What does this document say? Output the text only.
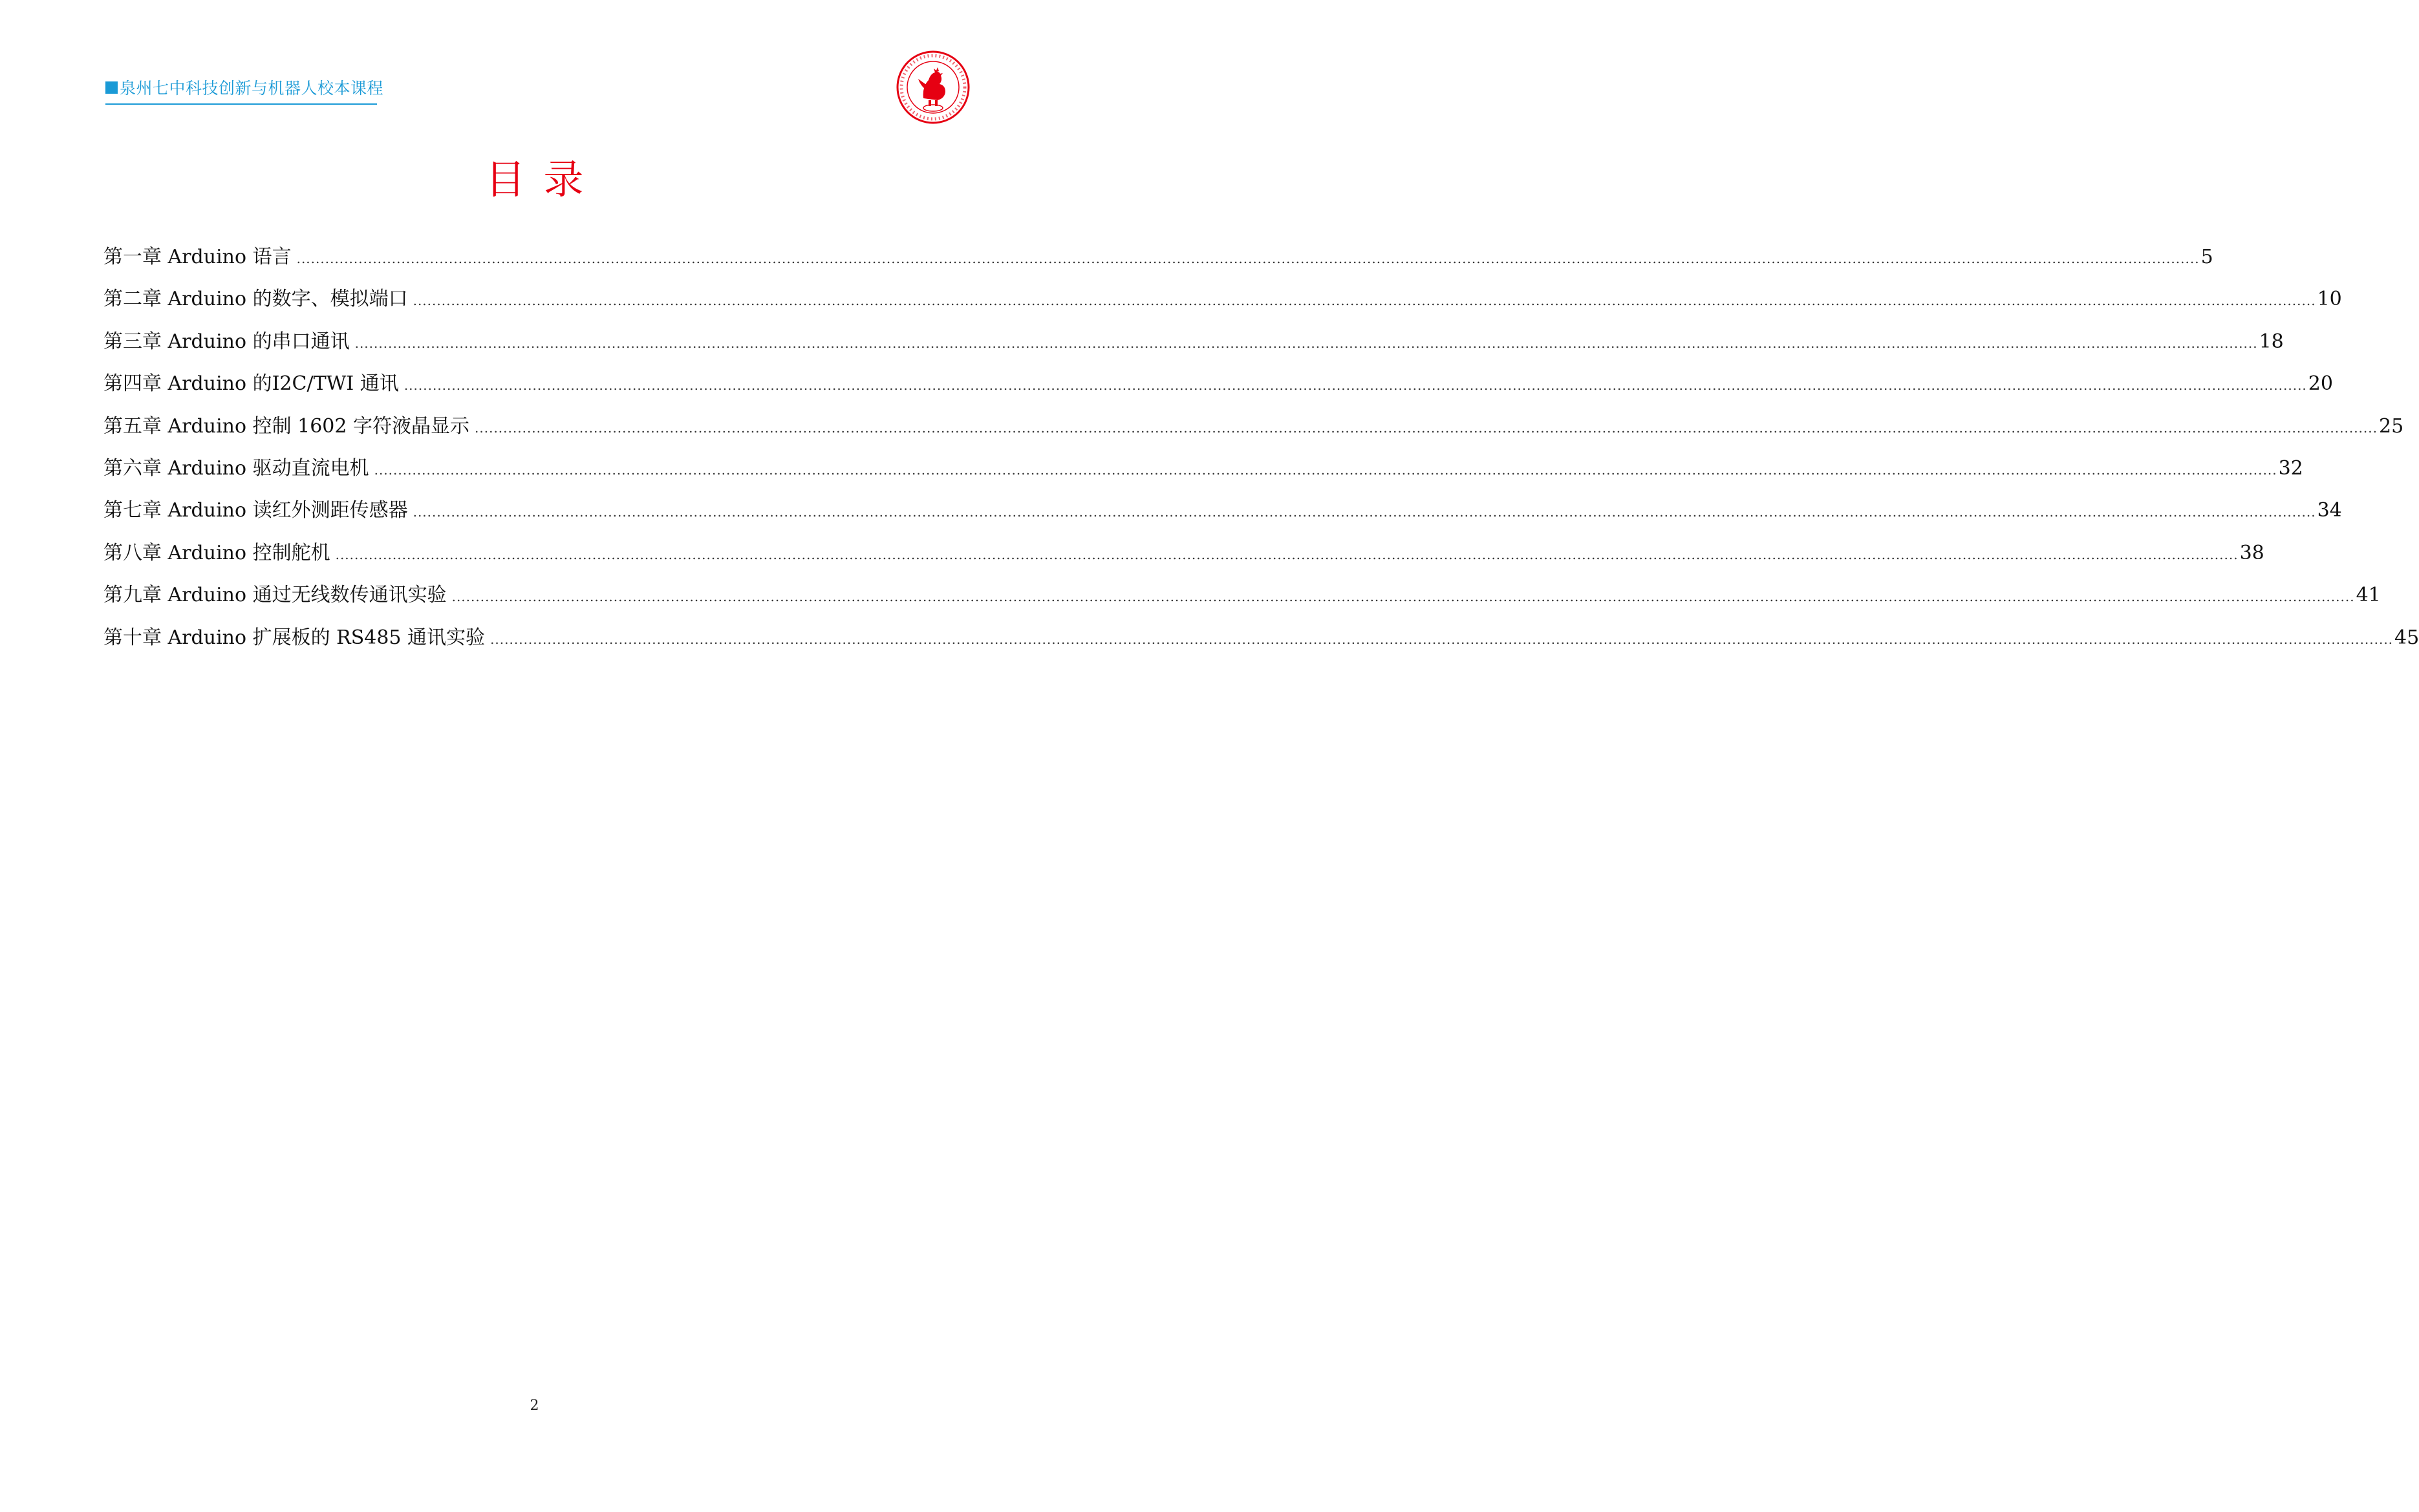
泉州七中科技创新与机器人校本课程
目录
第一章 Arduino 语言 ................................................................................................................................................................................................................................................................................................................................................................................................................ 5
第二章 Arduino 的数字、模拟端口 ................................................................................................................................................................................................................................................................................................................................................................................................................ 10
第三章 Arduino 的串口通讯 ................................................................................................................................................................................................................................................................................................................................................................................................................ 18
第四章 Arduino 的I2C/TWI 通讯 ................................................................................................................................................................................................................................................................................................................................................................................................................ 20
第五章 Arduino 控制 1602 字符液晶显示 ................................................................................................................................................................................................................................................................................................................................................................................................................ 25
第六章 Arduino 驱动直流电机 ................................................................................................................................................................................................................................................................................................................................................................................................................ 32
第七章 Arduino 读红外测距传感器 ................................................................................................................................................................................................................................................................................................................................................................................................................ 34
第八章 Arduino 控制舵机 ................................................................................................................................................................................................................................................................................................................................................................................................................ 38
第九章 Arduino 通过无线数传通讯实验 ................................................................................................................................................................................................................................................................................................................................................................................................................ 41
第十章 Arduino 扩展板的 RS485 通讯实验 ................................................................................................................................................................................................................................................................................................................................................................................................................ 45
2
